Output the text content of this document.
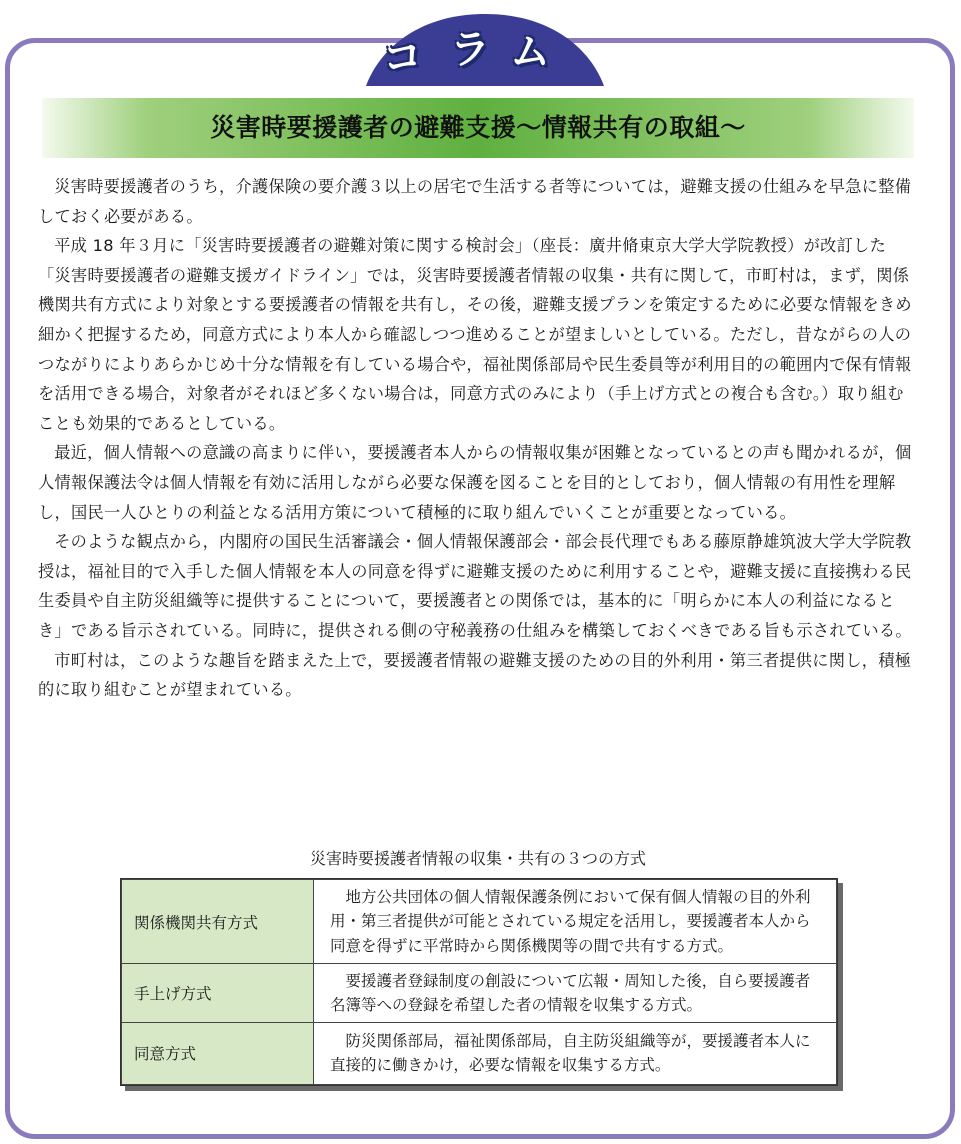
コ ラ ム
災害時要援護者の避難支援〜情報共有の取組〜

災害時要援護者のうち，介護保険の要介護３以上の居宅で生活する者等については，避難支援の仕組みを早急に整備しておく必要がある。

平成 18 年３月に「災害時要援護者の避難対策に関する検討会」（座長：廣井脩東京大学大学院教授）が改訂した「災害時要援護者の避難支援ガイドライン」では，災害時要援護者情報の収集・共有に関して，市町村は，まず，関係機関共有方式により対象とする要援護者の情報を共有し，その後，避難支援プランを策定するために必要な情報をきめ細かく把握するため，同意方式により本人から確認しつつ進めることが望ましいとしている。ただし，昔ながらの人のつながりによりあらかじめ十分な情報を有している場合や，福祉関係部局や民生委員等が利用目的の範囲内で保有情報を活用できる場合，対象者がそれほど多くない場合は，同意方式のみにより（手上げ方式との複合も含む。）取り組むことも効果的であるとしている。

最近，個人情報への意識の高まりに伴い，要援護者本人からの情報収集が困難となっているとの声も聞かれるが，個人情報保護法令は個人情報を有効に活用しながら必要な保護を図ることを目的としており，個人情報の有用性を理解し，国民一人ひとりの利益となる活用方策について積極的に取り組んでいくことが重要となっている。

そのような観点から，内閣府の国民生活審議会・個人情報保護部会・部会長代理でもある藤原静雄筑波大学大学院教授は，福祉目的で入手した個人情報を本人の同意を得ずに避難支援のために利用することや，避難支援に直接携わる民生委員や自主防災組織等に提供することについて，要援護者との関係では，基本的に「明らかに本人の利益になるとき」である旨示されている。同時に，提供される側の守秘義務の仕組みを構築しておくべきである旨も示されている。

市町村は，このような趣旨を踏まえた上で，要援護者情報の避難支援のための目的外利用・第三者提供に関し，積極的に取り組むことが望まれている。

災害時要援護者情報の収集・共有の３つの方式
関係機関共有方式	地方公共団体の個人情報保護条例において保有個人情報の目的外利用・第三者提供が可能とされている規定を活用し，要援護者本人から同意を得ずに平常時から関係機関等の間で共有する方式。
手上げ方式	要援護者登録制度の創設について広報・周知した後，自ら要援護者名簿等への登録を希望した者の情報を収集する方式。
同意方式	防災関係部局，福祉関係部局，自主防災組織等が，要援護者本人に直接的に働きかけ，必要な情報を収集する方式。
